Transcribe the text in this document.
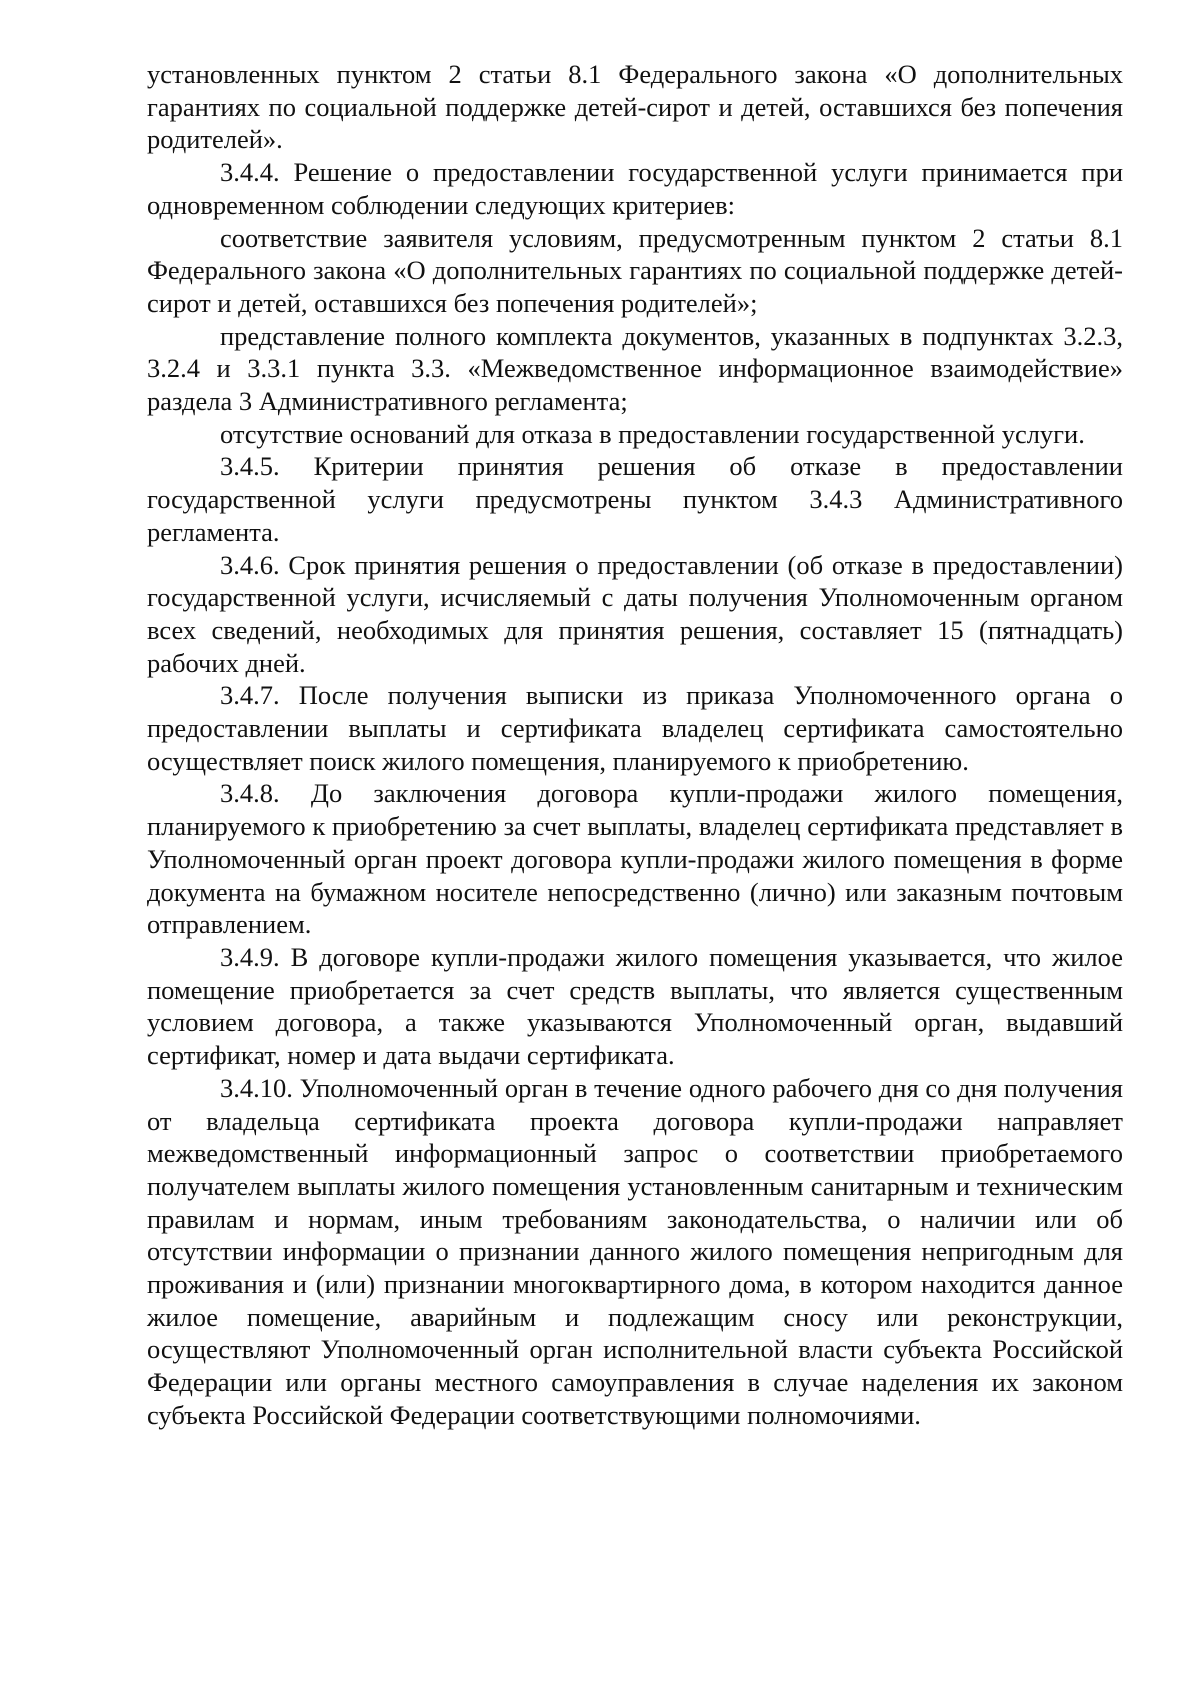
установленных пунктом 2 статьи 8.1 Федерального закона «О дополнительных гарантиях по социальной поддержке детей-сирот и детей, оставшихся без попечения родителей».

3.4.4. Решение о предоставлении государственной услуги принимается при одновременном соблюдении следующих критериев:

соответствие заявителя условиям, предусмотренным пунктом 2 статьи 8.1 Федерального закона «О дополнительных гарантиях по социальной поддержке детей-сирот и детей, оставшихся без попечения родителей»;

представление полного комплекта документов, указанных в подпунктах 3.2.3, 3.2.4 и 3.3.1 пункта 3.3. «Межведомственное информационное взаимодействие» раздела 3 Административного регламента;

отсутствие оснований для отказа в предоставлении государственной услуги.

3.4.5. Критерии принятия решения об отказе в предоставлении государственной услуги предусмотрены пунктом 3.4.3 Административного регламента.

3.4.6. Срок принятия решения о предоставлении (об отказе в предоставлении) государственной услуги, исчисляемый с даты получения Уполномоченным органом всех сведений, необходимых для принятия решения, составляет 15 (пятнадцать) рабочих дней.

3.4.7. После получения выписки из приказа Уполномоченного органа о предоставлении выплаты и сертификата владелец сертификата самостоятельно осуществляет поиск жилого помещения, планируемого к приобретению.

3.4.8. До заключения договора купли-продажи жилого помещения, планируемого к приобретению за счет выплаты, владелец сертификата представляет в Уполномоченный орган проект договора купли-продажи жилого помещения в форме документа на бумажном носителе непосредственно (лично) или заказным почтовым отправлением.

3.4.9. В договоре купли-продажи жилого помещения указывается, что жилое помещение приобретается за счет средств выплаты, что является существенным условием договора, а также указываются Уполномоченный орган, выдавший сертификат, номер и дата выдачи сертификата.

3.4.10. Уполномоченный орган в течение одного рабочего дня со дня получения от владельца сертификата проекта договора купли-продажи направляет межведомственный информационный запрос о соответствии приобретаемого получателем выплаты жилого помещения установленным санитарным и техническим правилам и нормам, иным требованиям законодательства, о наличии или об отсутствии информации о признании данного жилого помещения непригодным для проживания и (или) признании многоквартирного дома, в котором находится данное жилое помещение, аварийным и подлежащим сносу или реконструкции, осуществляют Уполномоченный орган исполнительной власти субъекта Российской Федерации или органы местного самоуправления в случае наделения их законом субъекта Российской Федерации соответствующими полномочиями.
